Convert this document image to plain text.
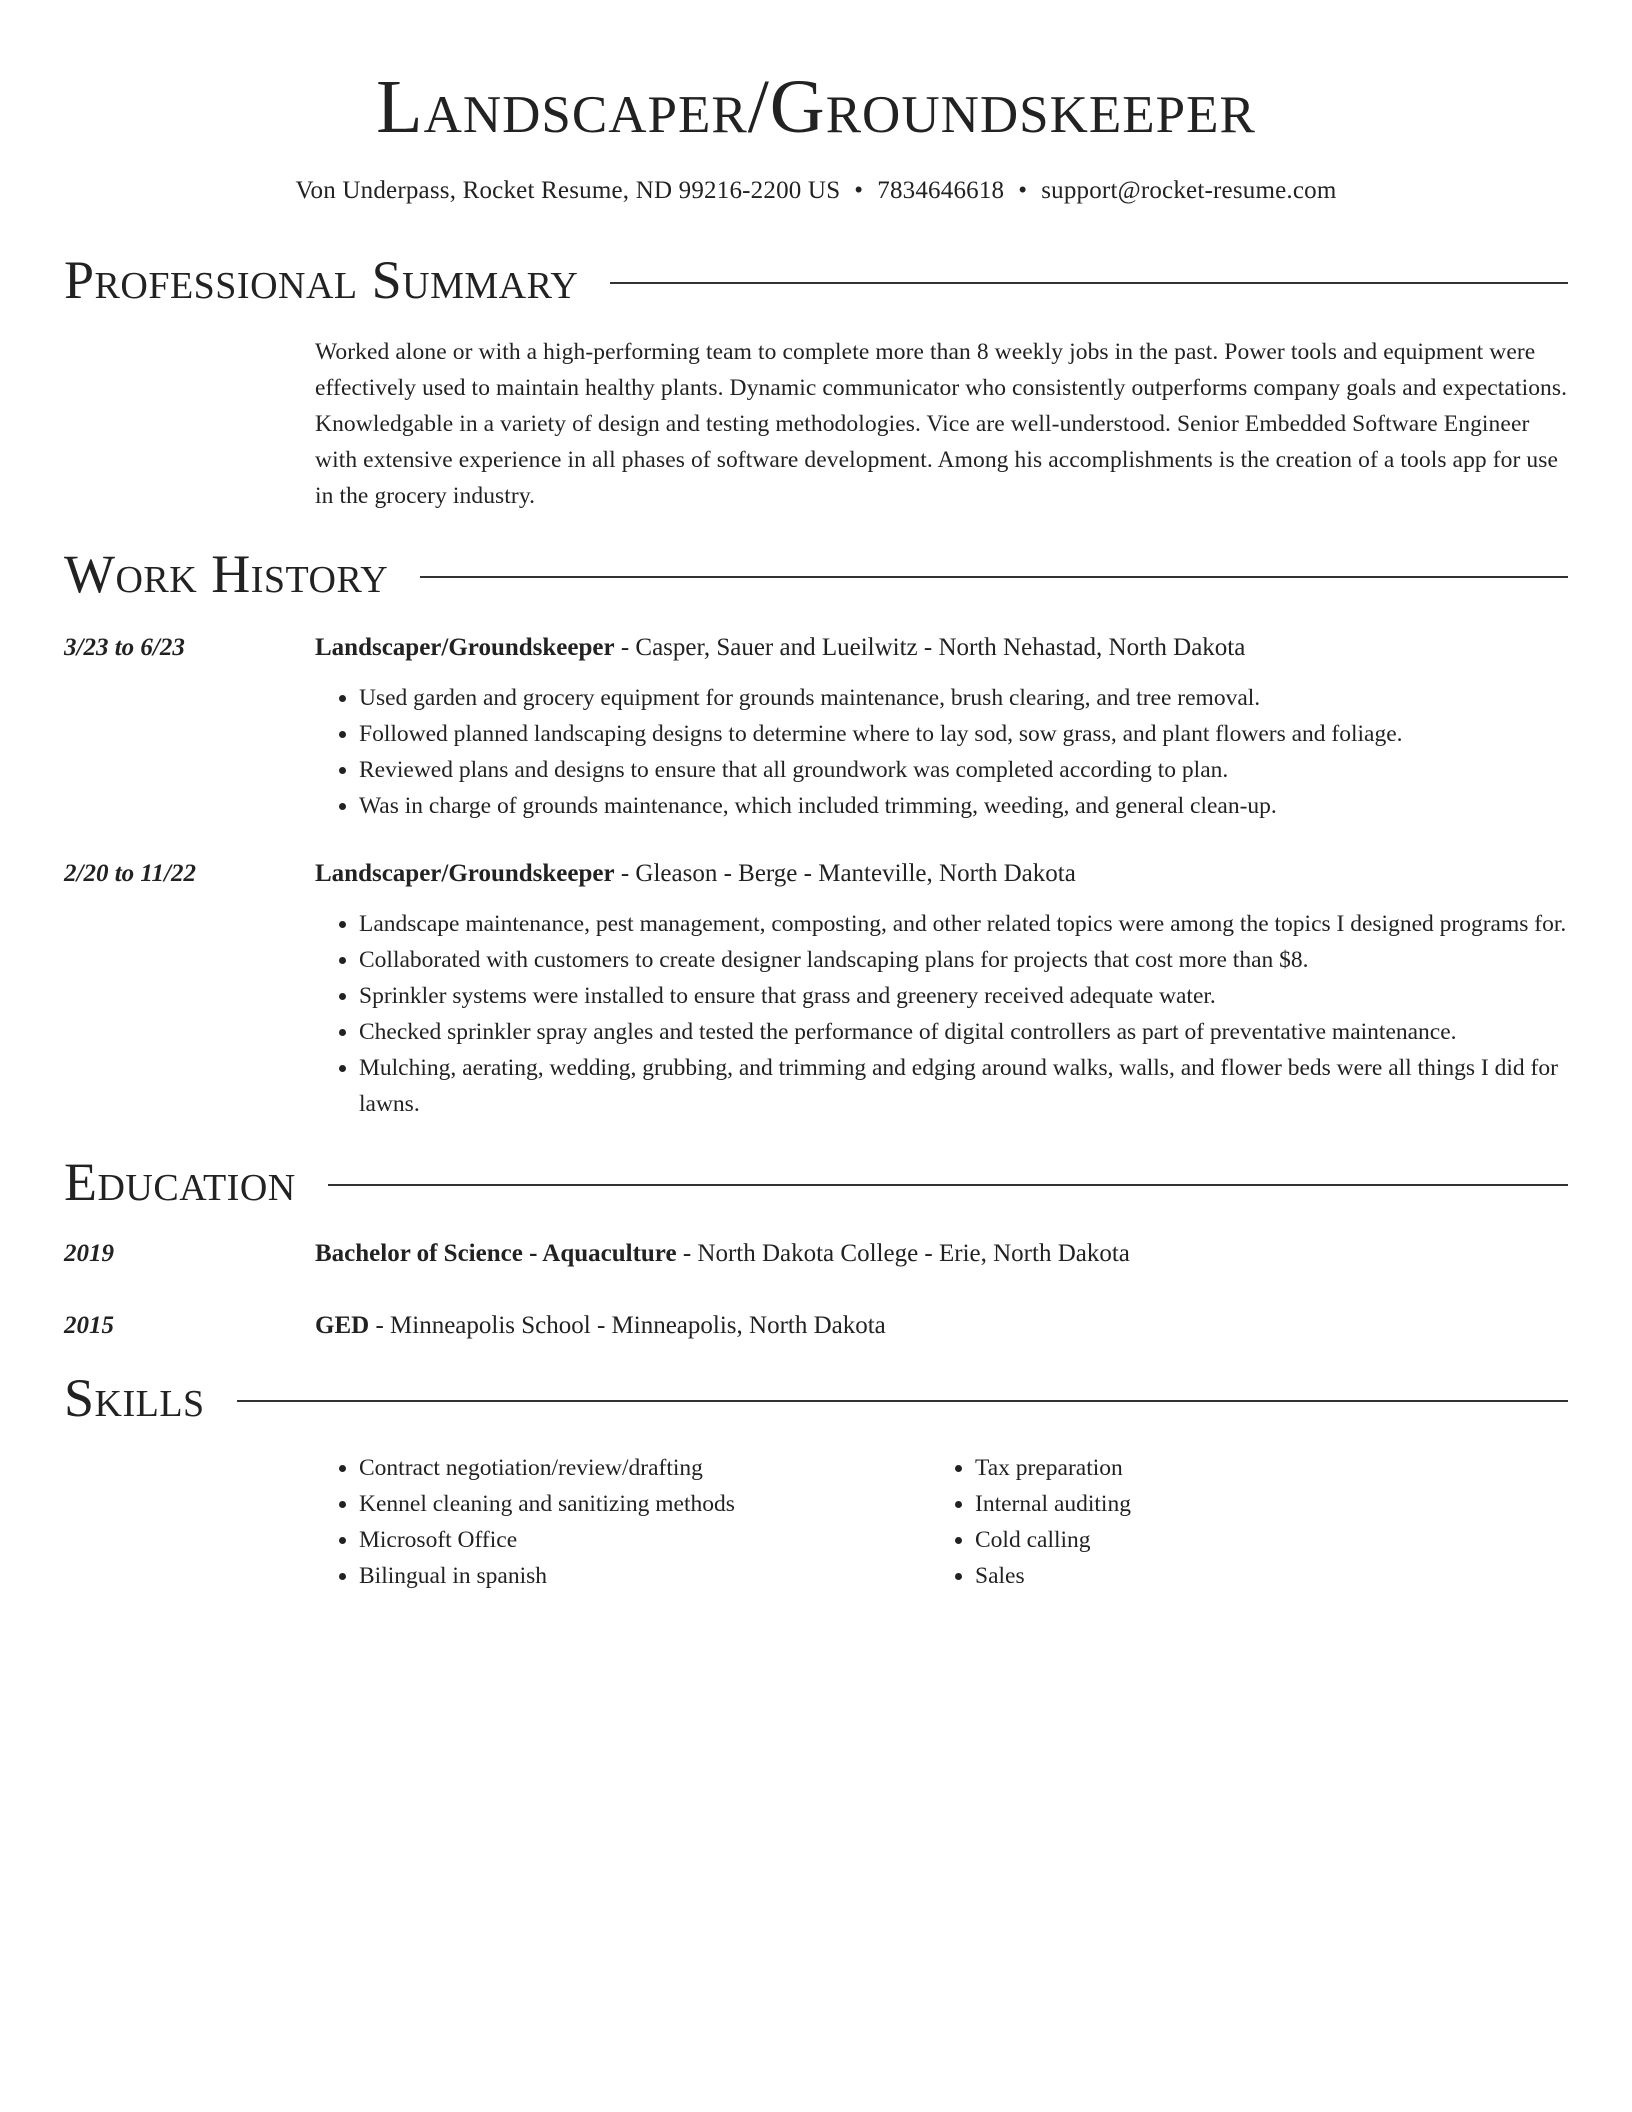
Landscaper/Groundskeeper
Von Underpass, Rocket Resume, ND 99216-2200 US • 7834646618 • support@rocket-resume.com
Professional Summary
Worked alone or with a high-performing team to complete more than 8 weekly jobs in the past. Power tools and equipment were effectively used to maintain healthy plants. Dynamic communicator who consistently outperforms company goals and expectations. Knowledgable in a variety of design and testing methodologies. Vice are well-understood. Senior Embedded Software Engineer with extensive experience in all phases of software development. Among his accomplishments is the creation of a tools app for use in the grocery industry.
Work History
3/23 to 6/23	Landscaper/Groundskeeper - Casper, Sauer and Lueilwitz - North Nehastad, North Dakota
• Used garden and grocery equipment for grounds maintenance, brush clearing, and tree removal.
• Followed planned landscaping designs to determine where to lay sod, sow grass, and plant flowers and foliage.
• Reviewed plans and designs to ensure that all groundwork was completed according to plan.
• Was in charge of grounds maintenance, which included trimming, weeding, and general clean-up.
2/20 to 11/22	Landscaper/Groundskeeper - Gleason - Berge - Manteville, North Dakota
• Landscape maintenance, pest management, composting, and other related topics were among the topics I designed programs for.
• Collaborated with customers to create designer landscaping plans for projects that cost more than $8.
• Sprinkler systems were installed to ensure that grass and greenery received adequate water.
• Checked sprinkler spray angles and tested the performance of digital controllers as part of preventative maintenance.
• Mulching, aerating, wedding, grubbing, and trimming and edging around walks, walls, and flower beds were all things I did for lawns.
Education
2019	Bachelor of Science - Aquaculture - North Dakota College - Erie, North Dakota
2015	GED - Minneapolis School - Minneapolis, North Dakota
Skills
• Contract negotiation/review/drafting
• Kennel cleaning and sanitizing methods
• Microsoft Office
• Bilingual in spanish
• Tax preparation
• Internal auditing
• Cold calling
• Sales
